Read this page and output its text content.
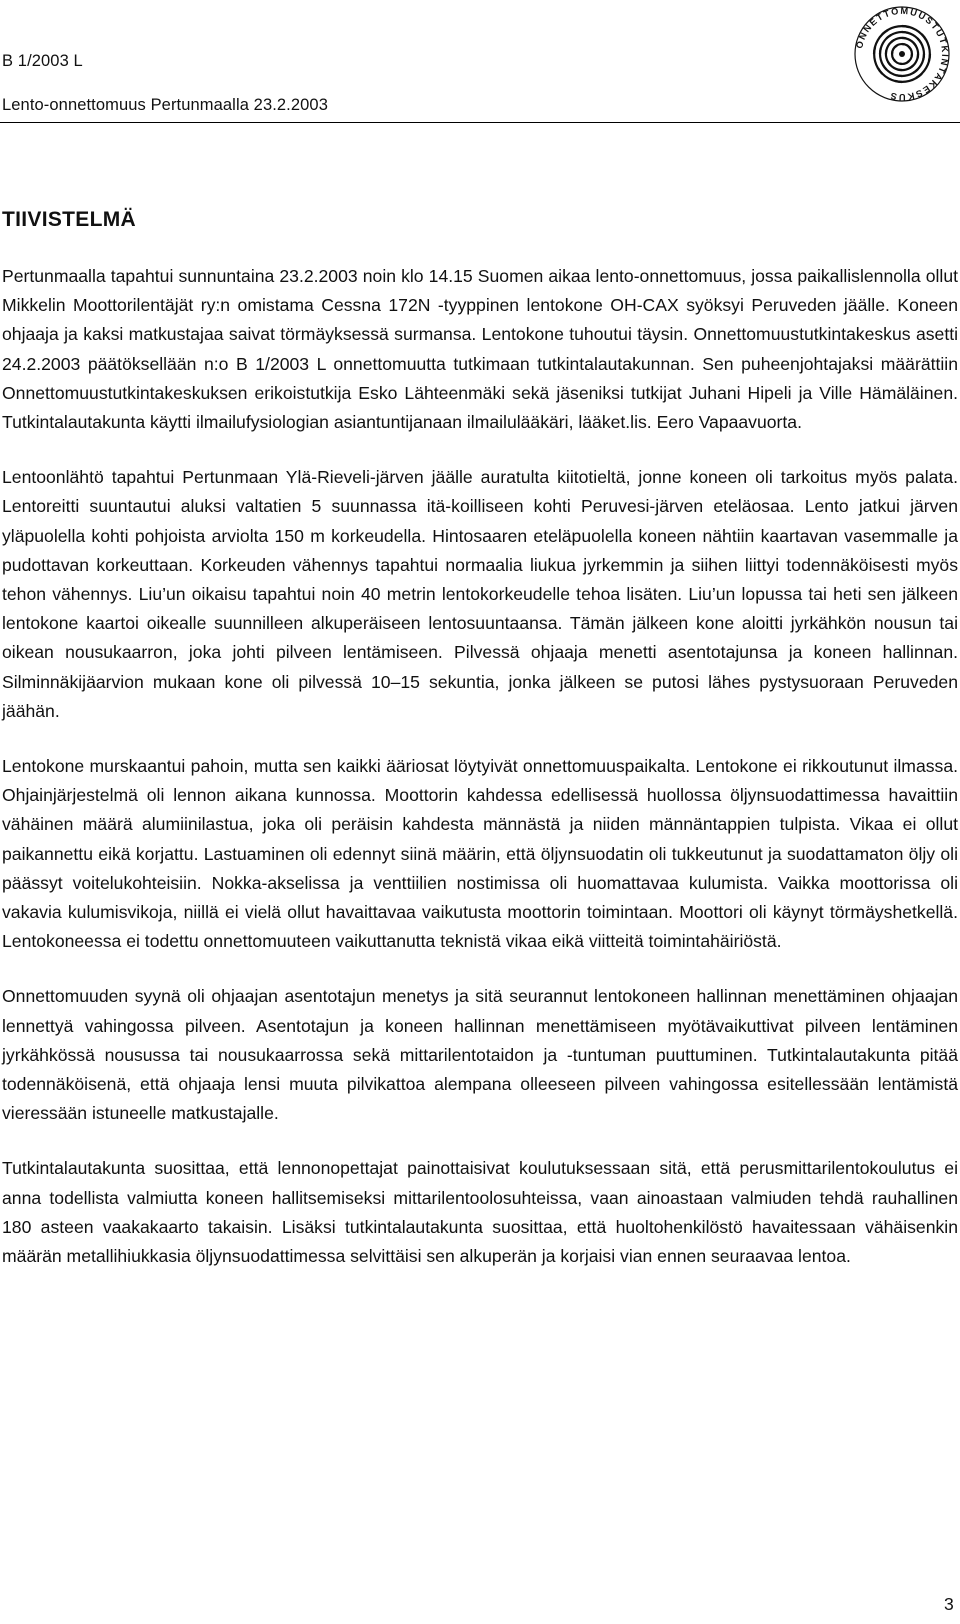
B 1/2003 L
Lento-onnettomuus Pertunmaalla 23.2.2003
ONNETTOMUUSTUTKINTAKESKUS
TIIVISTELMÄ

Pertunmaalla tapahtui sunnuntaina 23.2.2003 noin klo 14.15 Suomen aikaa lento-onnettomuus, jossa paikallislennolla ollut Mikkelin Moottorilentäjät ry:n omistama Cessna 172N -tyyppinen lentokone OH-CAX syöksyi Peruveden jäälle. Koneen ohjaaja ja kaksi matkustajaa saivat törmäyksessä surmansa. Lentokone tuhoutui täysin. Onnettomuustutkintakeskus asetti 24.2.2003 päätöksellään n:o B 1/2003 L onnettomuutta tutkimaan tutkintalautakunnan. Sen puheenjohtajaksi määrättiin Onnettomuustutkintakeskuksen erikoistutkija Esko Lähteenmäki sekä jäseniksi tutkijat Juhani Hipeli ja Ville Hämäläinen. Tutkintalautakunta käytti ilmailufysiologian asiantuntijanaan ilmailulääkäri, lääket.lis. Eero Vapaavuorta.

Lentoonlähtö tapahtui Pertunmaan Ylä-Rieveli-järven jäälle auratulta kiitotieltä, jonne koneen oli tarkoitus myös palata. Lentoreitti suuntautui aluksi valtatien 5 suunnassa itä-koilliseen kohti Peruvesi-järven eteläosaa. Lento jatkui järven yläpuolella kohti pohjoista arviolta 150 m korkeudella. Hintosaaren eteläpuolella koneen nähtiin kaartavan vasemmalle ja pudottavan korkeuttaan. Korkeuden vähennys tapahtui normaalia liukua jyrkemmin ja siihen liittyi todennäköisesti myös tehon vähennys. Liu’un oikaisu tapahtui noin 40 metrin lentokorkeudelle tehoa lisäten. Liu’un lopussa tai heti sen jälkeen lentokone kaartoi oikealle suunnilleen alkuperäiseen lentosuuntaansa. Tämän jälkeen kone aloitti jyrkähkön nousun tai oikean nousukaarron, joka johti pilveen lentämiseen. Pilvessä ohjaaja menetti asentotajunsa ja koneen hallinnan. Silminnäkijäarvion mukaan kone oli pilvessä 10–15 sekuntia, jonka jälkeen se putosi lähes pystysuoraan Peruveden jäähän.

Lentokone murskaantui pahoin, mutta sen kaikki ääriosat löytyivät onnettomuuspaikalta. Lentokone ei rikkoutunut ilmassa. Ohjainjärjestelmä oli lennon aikana kunnossa. Moottorin kahdessa edellisessä huollossa öljynsuodattimessa havaittiin vähäinen määrä alumiinilastua, joka oli peräisin kahdesta männästä ja niiden männäntappien tulpista. Vikaa ei ollut paikannettu eikä korjattu. Lastuaminen oli edennyt siinä määrin, että öljynsuodatin oli tukkeutunut ja suodattamaton öljy oli päässyt voitelukohteisiin. Nokka-akselissa ja venttiilien nostimissa oli huomattavaa kulumista. Vaikka moottorissa oli vakavia kulumisvikoja, niillä ei vielä ollut havaittavaa vaikutusta moottorin toimintaan. Moottori oli käynyt törmäyshetkellä. Lentokoneessa ei todettu onnettomuuteen vaikuttanutta teknistä vikaa eikä viitteitä toimintahäiriöstä.

Onnettomuuden syynä oli ohjaajan asentotajun menetys ja sitä seurannut lentokoneen hallinnan menettäminen ohjaajan lennettyä vahingossa pilveen. Asentotajun ja koneen hallinnan menettämiseen myötävaikuttivat pilveen lentäminen jyrkähkössä nousussa tai nousukaarrossa sekä mittarilentotaidon ja -tuntuman puuttuminen. Tutkintalautakunta pitää todennäköisenä, että ohjaaja lensi muuta pilvikattoa alempana olleeseen pilveen vahingossa esitellessään lentämistä vieressään istuneelle matkustajalle.

Tutkintalautakunta suosittaa, että lennonopettajat painottaisivat koulutuksessaan sitä, että perusmittarilentokoulutus ei anna todellista valmiutta koneen hallitsemiseksi mittarilentoolosuhteissa, vaan ainoastaan valmiuden tehdä rauhallinen 180 asteen vaakakaarto takaisin. Lisäksi tutkintalautakunta suosittaa, että huoltohenkilöstö havaitessaan vähäisenkin määrän metallihiukkasia öljynsuodattimessa selvittäisi sen alkuperän ja korjaisi vian ennen seuraavaa lentoa.

3
